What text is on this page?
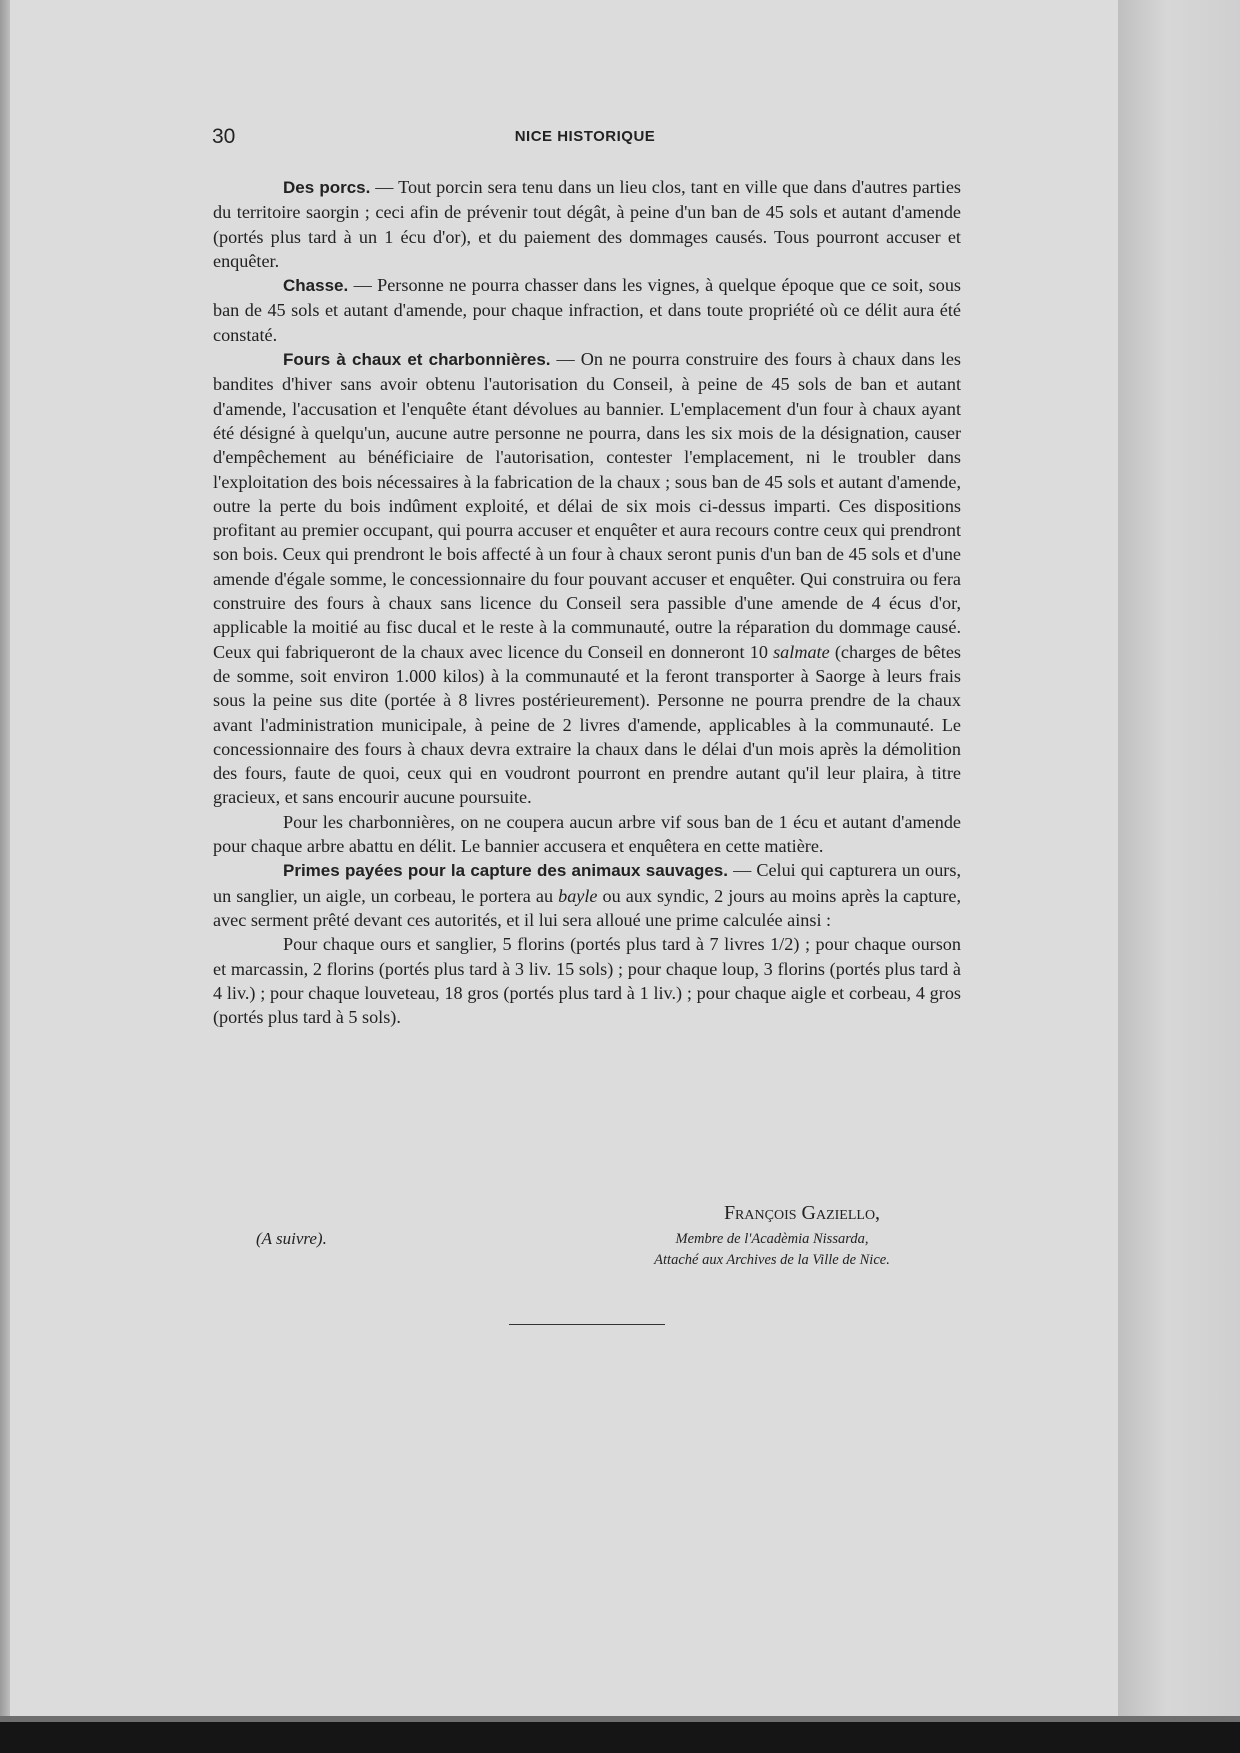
30	NICE HISTORIQUE

Des porcs. — Tout porcin sera tenu dans un lieu clos, tant en ville que dans d'autres parties du territoire saorgin ; ceci afin de prévenir tout dégât, à peine d'un ban de 45 sols et autant d'amende (portés plus tard à un 1 écu d'or), et du paiement des dommages causés. Tous pourront accuser et enquêter.

Chasse. — Personne ne pourra chasser dans les vignes, à quelque époque que ce soit, sous ban de 45 sols et autant d'amende, pour chaque infraction, et dans toute propriété où ce délit aura été constaté.

Fours à chaux et charbonnières. — On ne pourra construire des fours à chaux dans les bandites d'hiver sans avoir obtenu l'autorisation du Conseil, à peine de 45 sols de ban et autant d'amende, l'accusation et l'enquête étant dévolues au bannier. L'emplacement d'un four à chaux ayant été désigné à quelqu'un, aucune autre personne ne pourra, dans les six mois de la désignation, causer d'empêchement au bénéficiaire de l'autorisation, contester l'emplacement, ni le troubler dans l'exploitation des bois nécessaires à la fabrication de la chaux ; sous ban de 45 sols et autant d'amende, outre la perte du bois indûment exploité, et délai de six mois ci-dessus imparti. Ces dispositions profitant au premier occupant, qui pourra accuser et enquêter et aura recours contre ceux qui prendront son bois. Ceux qui prendront le bois affecté à un four à chaux seront punis d'un ban de 45 sols et d'une amende d'égale somme, le concessionnaire du four pouvant accuser et enquêter. Qui construira ou fera construire des fours à chaux sans licence du Conseil sera passible d'une amende de 4 écus d'or, applicable la moitié au fisc ducal et le reste à la communauté, outre la réparation du dommage causé. Ceux qui fabriqueront de la chaux avec licence du Conseil en donneront 10 salmate (charges de bêtes de somme, soit environ 1.000 kilos) à la communauté et la feront transporter à Saorge à leurs frais sous la peine sus dite (portée à 8 livres postérieurement). Personne ne pourra prendre de la chaux avant l'administration municipale, à peine de 2 livres d'amende, applicables à la communauté. Le concessionnaire des fours à chaux devra extraire la chaux dans le délai d'un mois après la démolition des fours, faute de quoi, ceux qui en voudront pourront en prendre autant qu'il leur plaira, à titre gracieux, et sans encourir aucune poursuite.

Pour les charbonnières, on ne coupera aucun arbre vif sous ban de 1 écu et autant d'amende pour chaque arbre abattu en délit. Le bannier accusera et enquêtera en cette matière.

Primes payées pour la capture des animaux sauvages. — Celui qui capturera un ours, un sanglier, un aigle, un corbeau, le portera au bayle ou aux syndic, 2 jours au moins après la capture, avec serment prêté devant ces autorités, et il lui sera alloué une prime calculée ainsi :

Pour chaque ours et sanglier, 5 florins (portés plus tard à 7 livres 1/2) ; pour chaque ourson et marcassin, 2 florins (portés plus tard à 3 liv. 15 sols) ; pour chaque loup, 3 florins (portés plus tard à 4 liv.) ; pour chaque louveteau, 18 gros (portés plus tard à 1 liv.) ; pour chaque aigle et corbeau, 4 gros (portés plus tard à 5 sols).

(A suivre).
François Gaziello,
Membre de l'Acadèmia Nissarda,
Attaché aux Archives de la Ville de Nice.
